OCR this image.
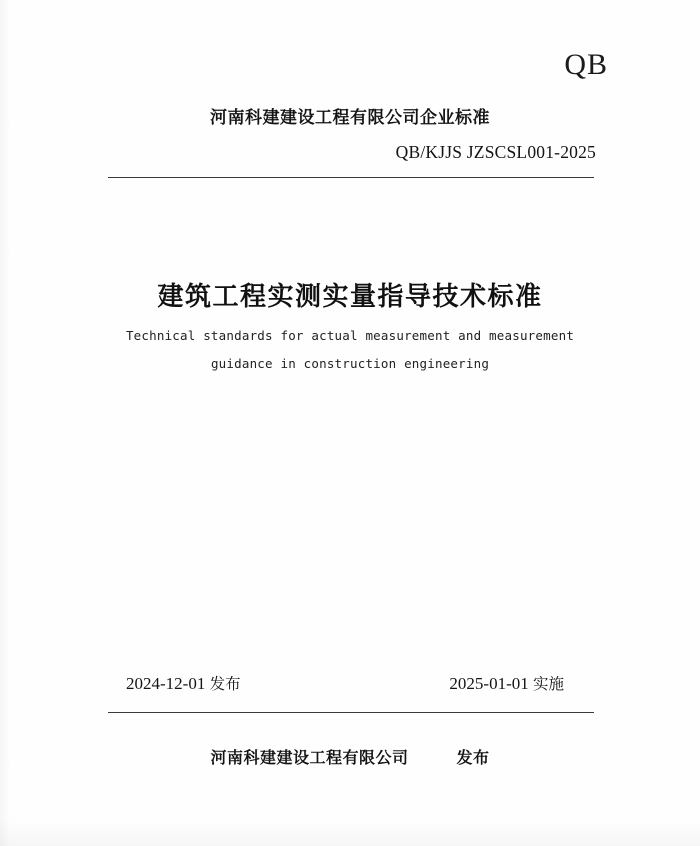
QB
河南科建建设工程有限公司企业标准
QB/KJJS JZSCSL001-2025
建筑工程实测实量指导技术标准
Technical standards for actual measurement and measurement
guidance in construction engineering
2024-12-01 发布	2025-01-01 实施
河南科建建设工程有限公司	发布
